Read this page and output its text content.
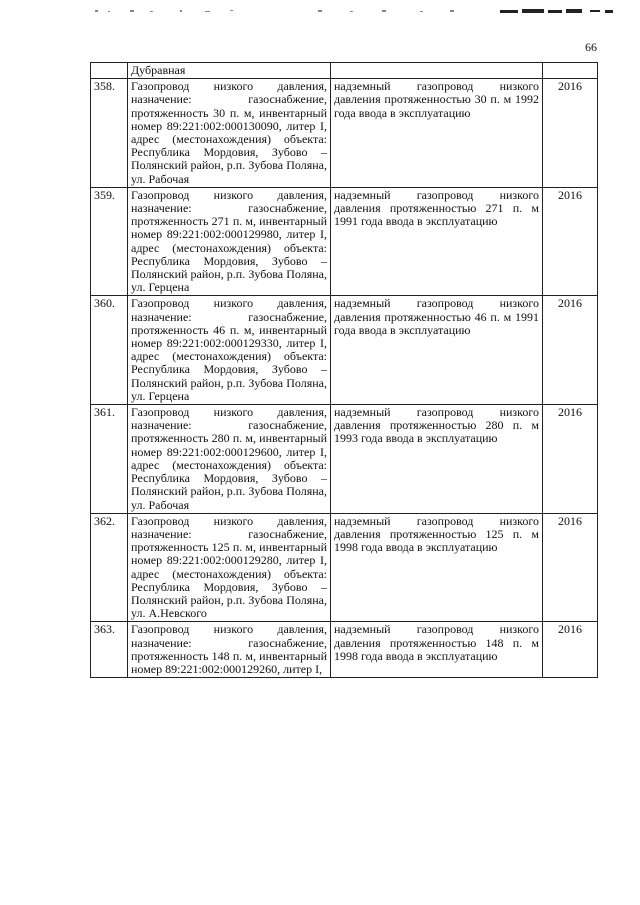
66
	Дубравная		
358.	Газопровод низкого давления, назначение: газоснабжение, протяженность 30 п. м, инвентарный номер 89:221:002:000130090, литер I, адрес (местонахождения) объекта: Республика Мордовия, Зубово – Полянский район, р.п. Зубова Поляна, ул. Рабочая	надземный газопровод низкого давления протяженностью 30 п. м 1992 года ввода в эксплуатацию	2016
359.	Газопровод низкого давления, назначение: газоснабжение, протяженность 271 п. м, инвентарный номер 89:221:002:000129980, литер I, адрес (местонахождения) объекта: Республика Мордовия, Зубово – Полянский район, р.п. Зубова Поляна, ул. Герцена	надземный газопровод низкого давления протяженностью 271 п. м 1991 года ввода в эксплуатацию	2016
360.	Газопровод низкого давления, назначение: газоснабжение, протяженность 46 п. м, инвентарный номер 89:221:002:000129330, литер I, адрес (местонахождения) объекта: Республика Мордовия, Зубово – Полянский район, р.п. Зубова Поляна, ул. Герцена	надземный газопровод низкого давления протяженностью 46 п. м 1991 года ввода в эксплуатацию	2016
361.	Газопровод низкого давления, назначение: газоснабжение, протяженность 280 п. м, инвентарный номер 89:221:002:000129600, литер I, адрес (местонахождения) объекта: Республика Мордовия, Зубово – Полянский район, р.п. Зубова Поляна, ул. Рабочая	надземный газопровод низкого давления протяженностью 280 п. м 1993 года ввода в эксплуатацию	2016
362.	Газопровод низкого давления, назначение: газоснабжение, протяженность 125 п. м, инвентарный номер 89:221:002:000129280, литер I, адрес (местонахождения) объекта: Республика Мордовия, Зубово – Полянский район, р.п. Зубова Поляна, ул. А.Невского	надземный газопровод низкого давления протяженностью 125 п. м 1998 года ввода в эксплуатацию	2016
363.	Газопровод низкого давления, назначение: газоснабжение, протяженность 148 п. м, инвентарный номер 89:221:002:000129260, литер I,	надземный газопровод низкого давления протяженностью 148 п. м 1998 года ввода в эксплуатацию	2016
